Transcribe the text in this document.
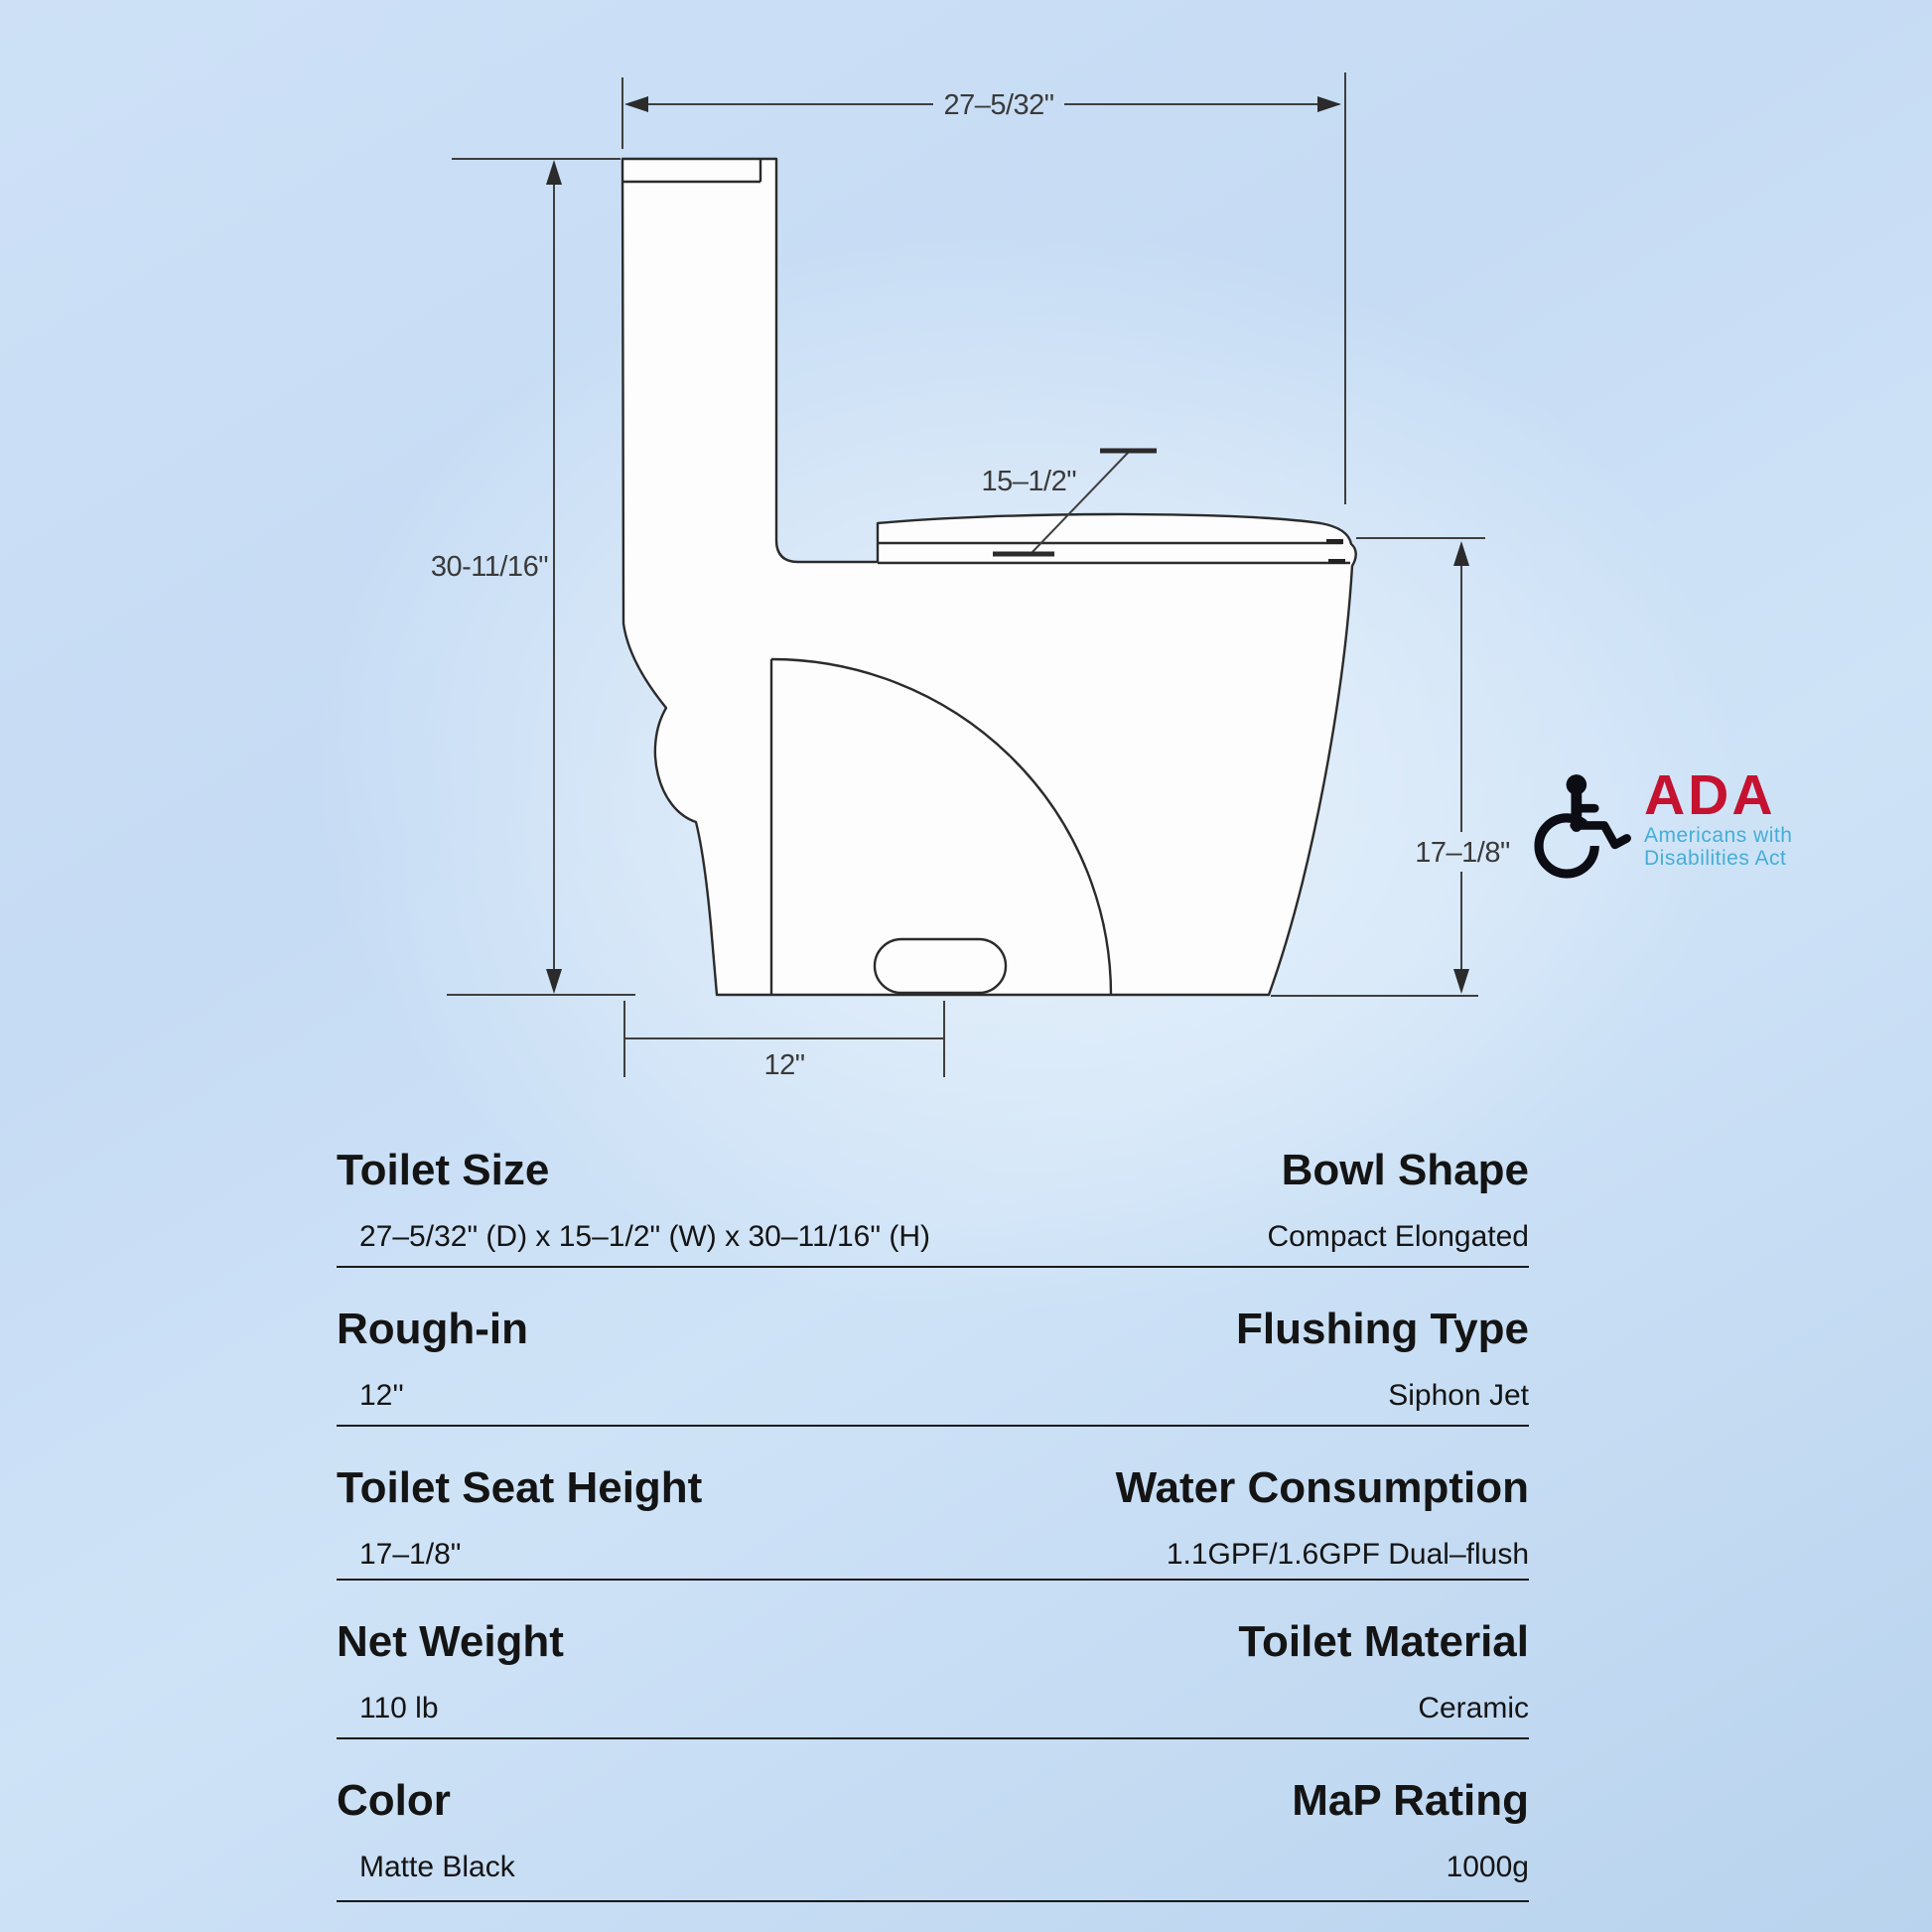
27–5/32"
30-11/16"
15–1/2"
17–1/8"
12"
ADA
Americans with
Disabilities Act
Toilet Size	Bowl Shape
27–5/32" (D) x 15–1/2" (W) x 30–11/16" (H)	Compact Elongated
Rough-in	Flushing Type
12''	Siphon Jet
Toilet Seat Height	Water Consumption
17–1/8"	1.1GPF/1.6GPF Dual–flush
Net Weight	Toilet Material
110 lb	Ceramic
Color	MaP Rating
Matte Black	1000g
